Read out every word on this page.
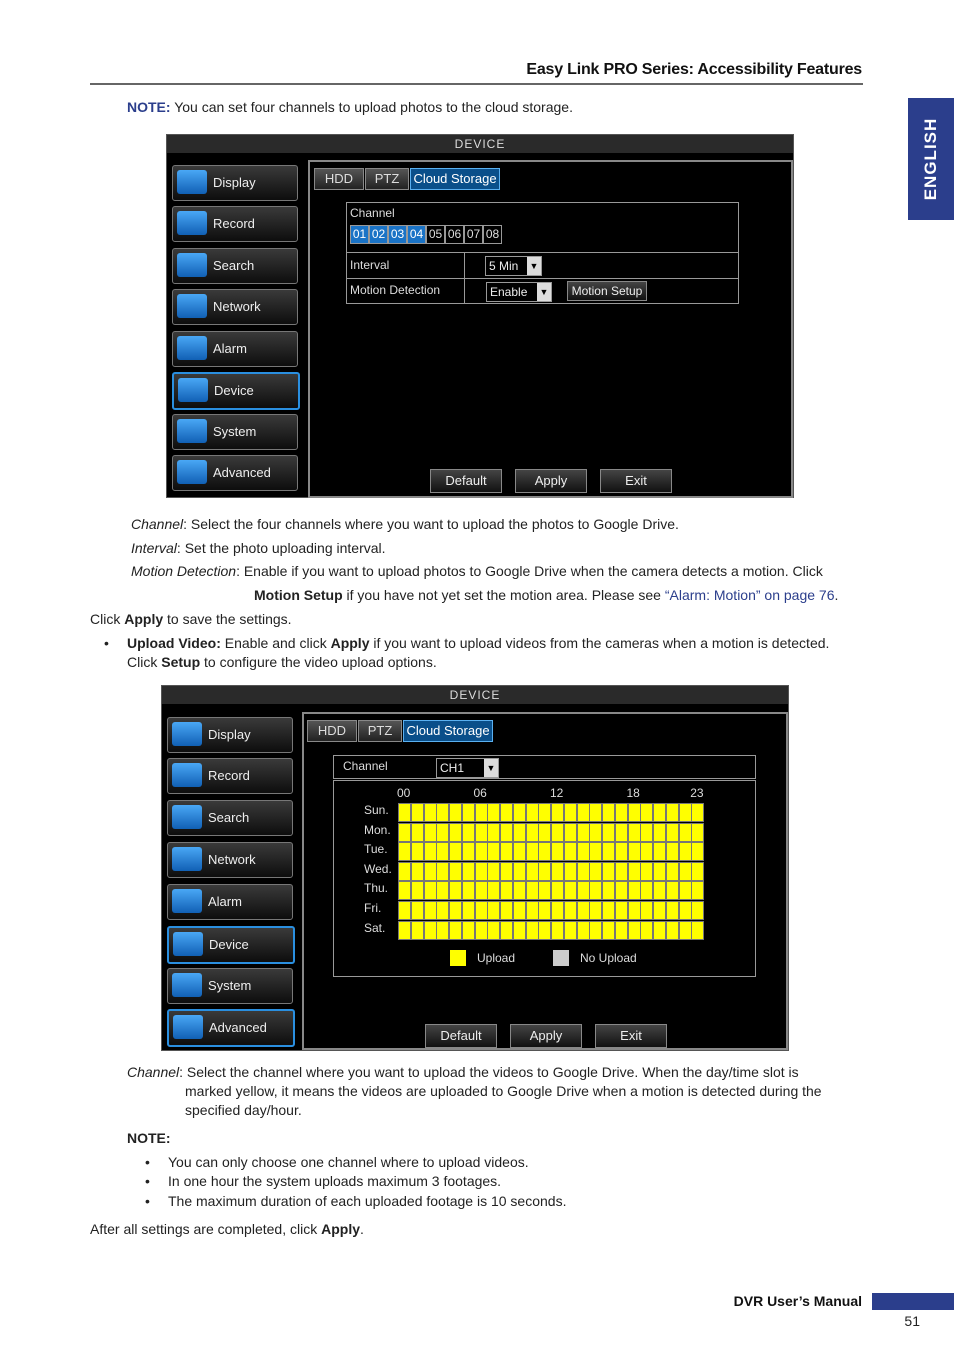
Easy Link PRO Series: Accessibility Features
ENGLISH
NOTE: You can set four channels to upload photos to the cloud storage.
DEVICE
Display
Record
Search
Network
Alarm
Device
System
Advanced
HDD	PTZ	Cloud Storage
Channel
01 02 03 04 05 06 07 08
Interval	5 Min ▼
Motion Detection	Enable ▼	Motion Setup
Default	Apply	Exit
Channel: Select the four channels where you want to upload the photos to Google Drive.
Interval: Set the photo uploading interval.
Motion Detection: Enable if you want to upload photos to Google Drive when the camera detects a motion. Click
Motion Setup if you have not yet set the motion area. Please see “Alarm: Motion” on page 76.
Click Apply to save the settings.
• Upload Video: Enable and click Apply if you want to upload videos from the cameras when a motion is detected.
Click Setup to configure the video upload options.
DEVICE
Display
Record
Search
Network
Alarm
Device
System
Advanced
HDD	PTZ	Cloud Storage
Channel	CH1	▼
00	06	12	18	23
Sun.
Mon.
Tue.
Wed.
Thu.
Fri.
Sat.
Upload	No Upload
Default	Apply	Exit
Channel: Select the channel where you want to upload the videos to Google Drive. When the day/time slot is
marked yellow, it means the videos are uploaded to Google Drive when a motion is detected during the
specified day/hour.
NOTE:
• You can only choose one channel where to upload videos.
• In one hour the system uploads maximum 3 footages.
• The maximum duration of each uploaded footage is 10 seconds.
After all settings are completed, click Apply.
DVR User’s Manual
51
